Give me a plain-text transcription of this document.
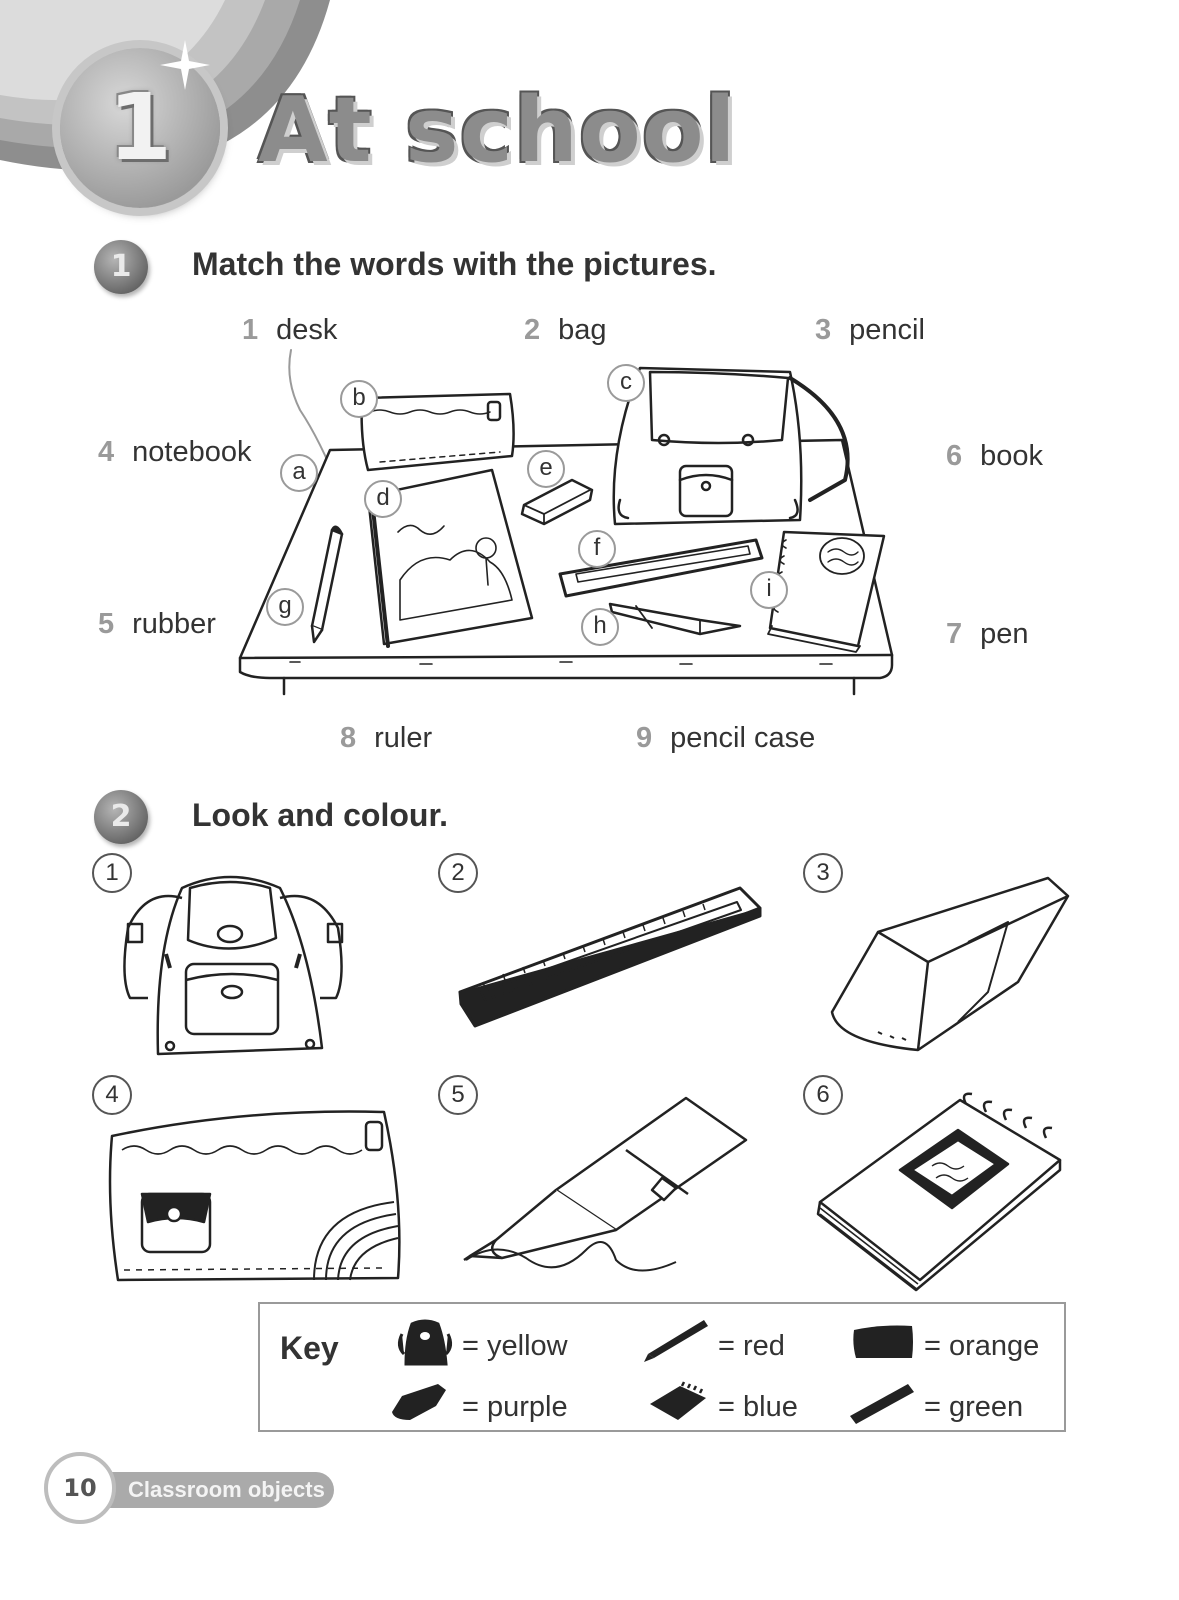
1 At school
1	Match the words with the pictures.
1 desk	2 bag	3 pencil
4 notebook
5 rubber
6 book
7 pen
8 ruler	9 pencil case
b
c
a
d
e
f
g
h
i
2	Look and colour.
1	2	3
4	5	6
Key	= yellow	= red	= orange
= purple	= blue	= green
10	Classroom objects
